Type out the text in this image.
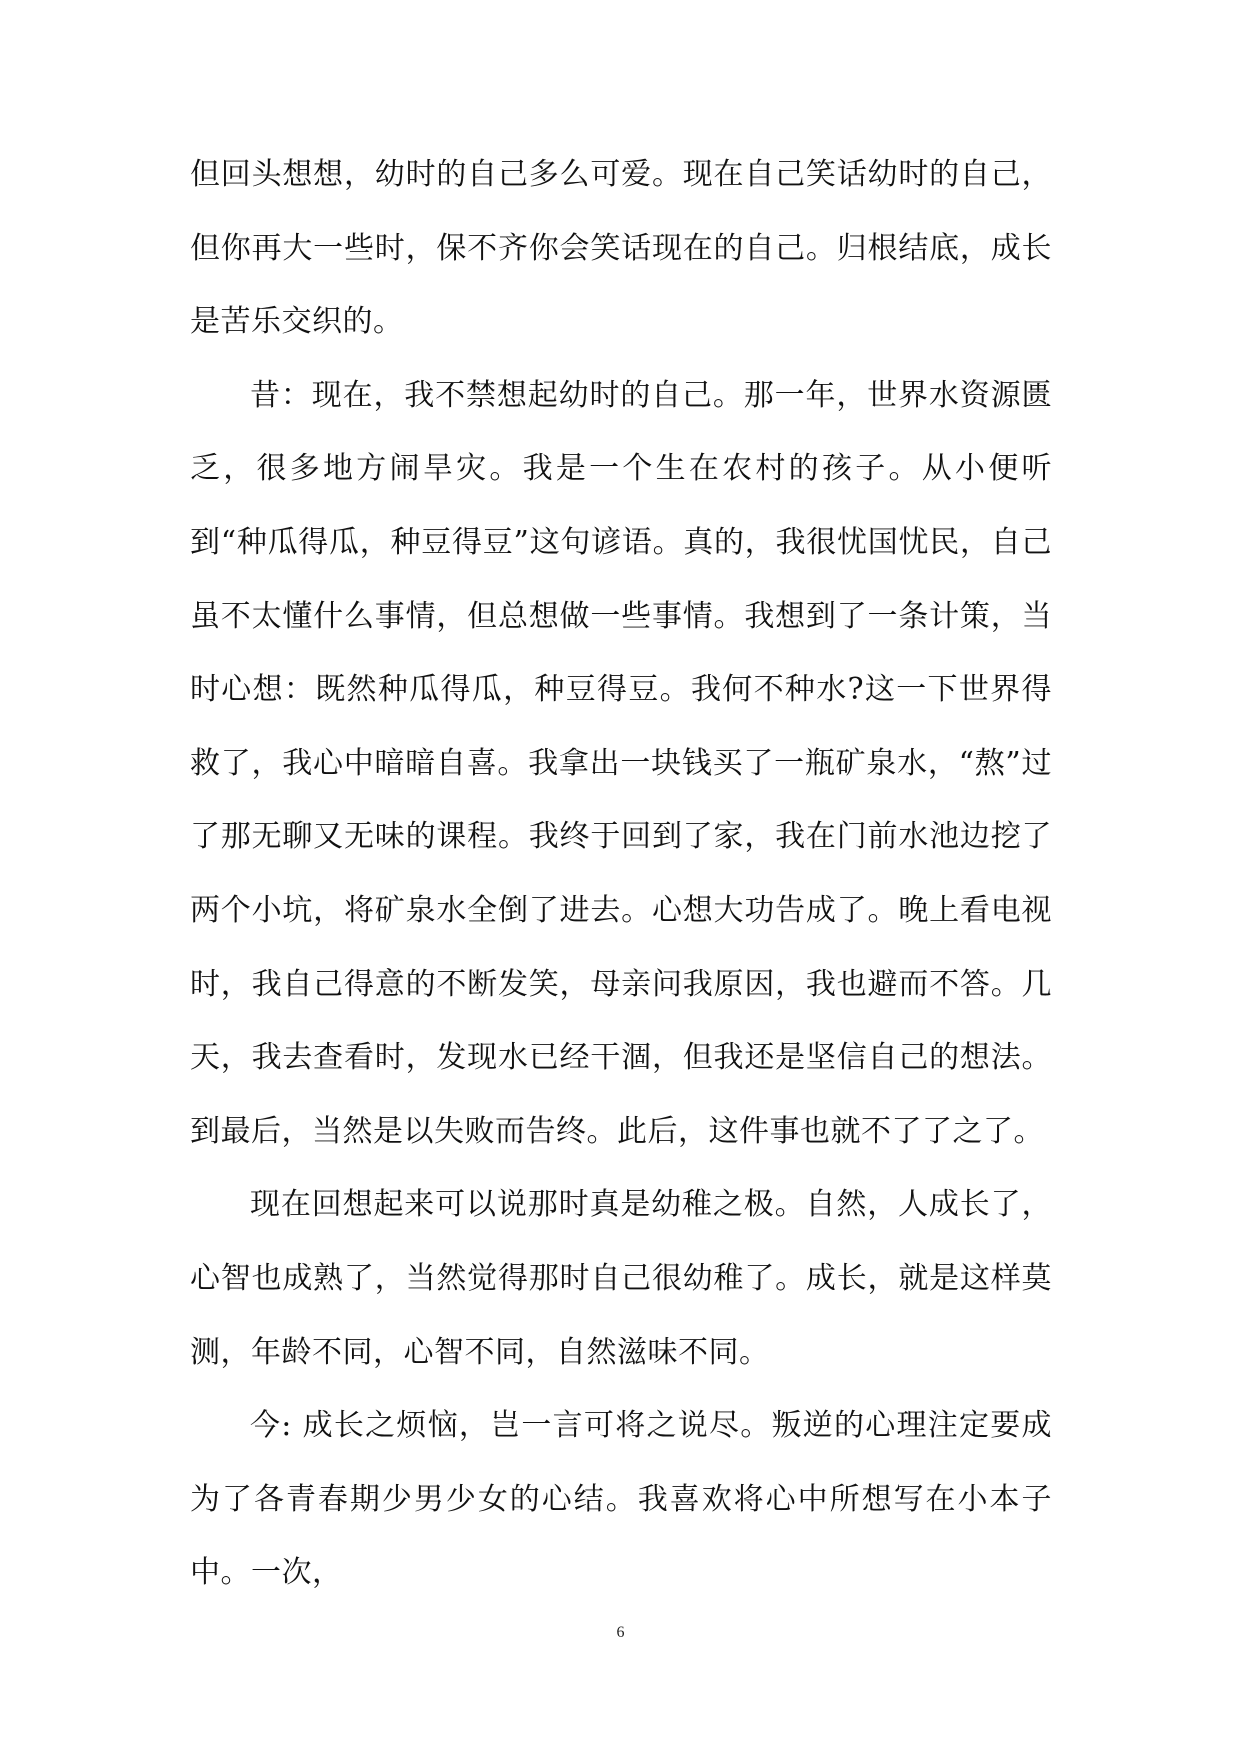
但回头想想，幼时的自己多么可爱。现在自己笑话幼时的自己，但你再大一些时，保不齐你会笑话现在的自己。归根结底，成长是苦乐交织的。

昔：现在，我不禁想起幼时的自己。那一年，世界水资源匮乏，很多地方闹旱灾。我是一个生在农村的孩子。从小便听到“种瓜得瓜，种豆得豆”这句谚语。真的，我很忧国忧民，自己虽不太懂什么事情，但总想做一些事情。我想到了一条计策，当时心想：既然种瓜得瓜，种豆得豆。我何不种水?这一下世界得救了，我心中暗暗自喜。我拿出一块钱买了一瓶矿泉水，“熬”过了那无聊又无味的课程。我终于回到了家，我在门前水池边挖了两个小坑，将矿泉水全倒了进去。心想大功告成了。晚上看电视时，我自己得意的不断发笑，母亲问我原因，我也避而不答。几天，我去查看时，发现水已经干涸，但我还是坚信自己的想法。到最后，当然是以失败而告终。此后，这件事也就不了了之了。

现在回想起来可以说那时真是幼稚之极。自然，人成长了，心智也成熟了，当然觉得那时自己很幼稚了。成长，就是这样莫测，年龄不同，心智不同，自然滋味不同。

今: 成长之烦恼，岂一言可将之说尽。叛逆的心理注定要成为了各青春期少男少女的心结。我喜欢将心中所想写在小本子中。一次，

6
